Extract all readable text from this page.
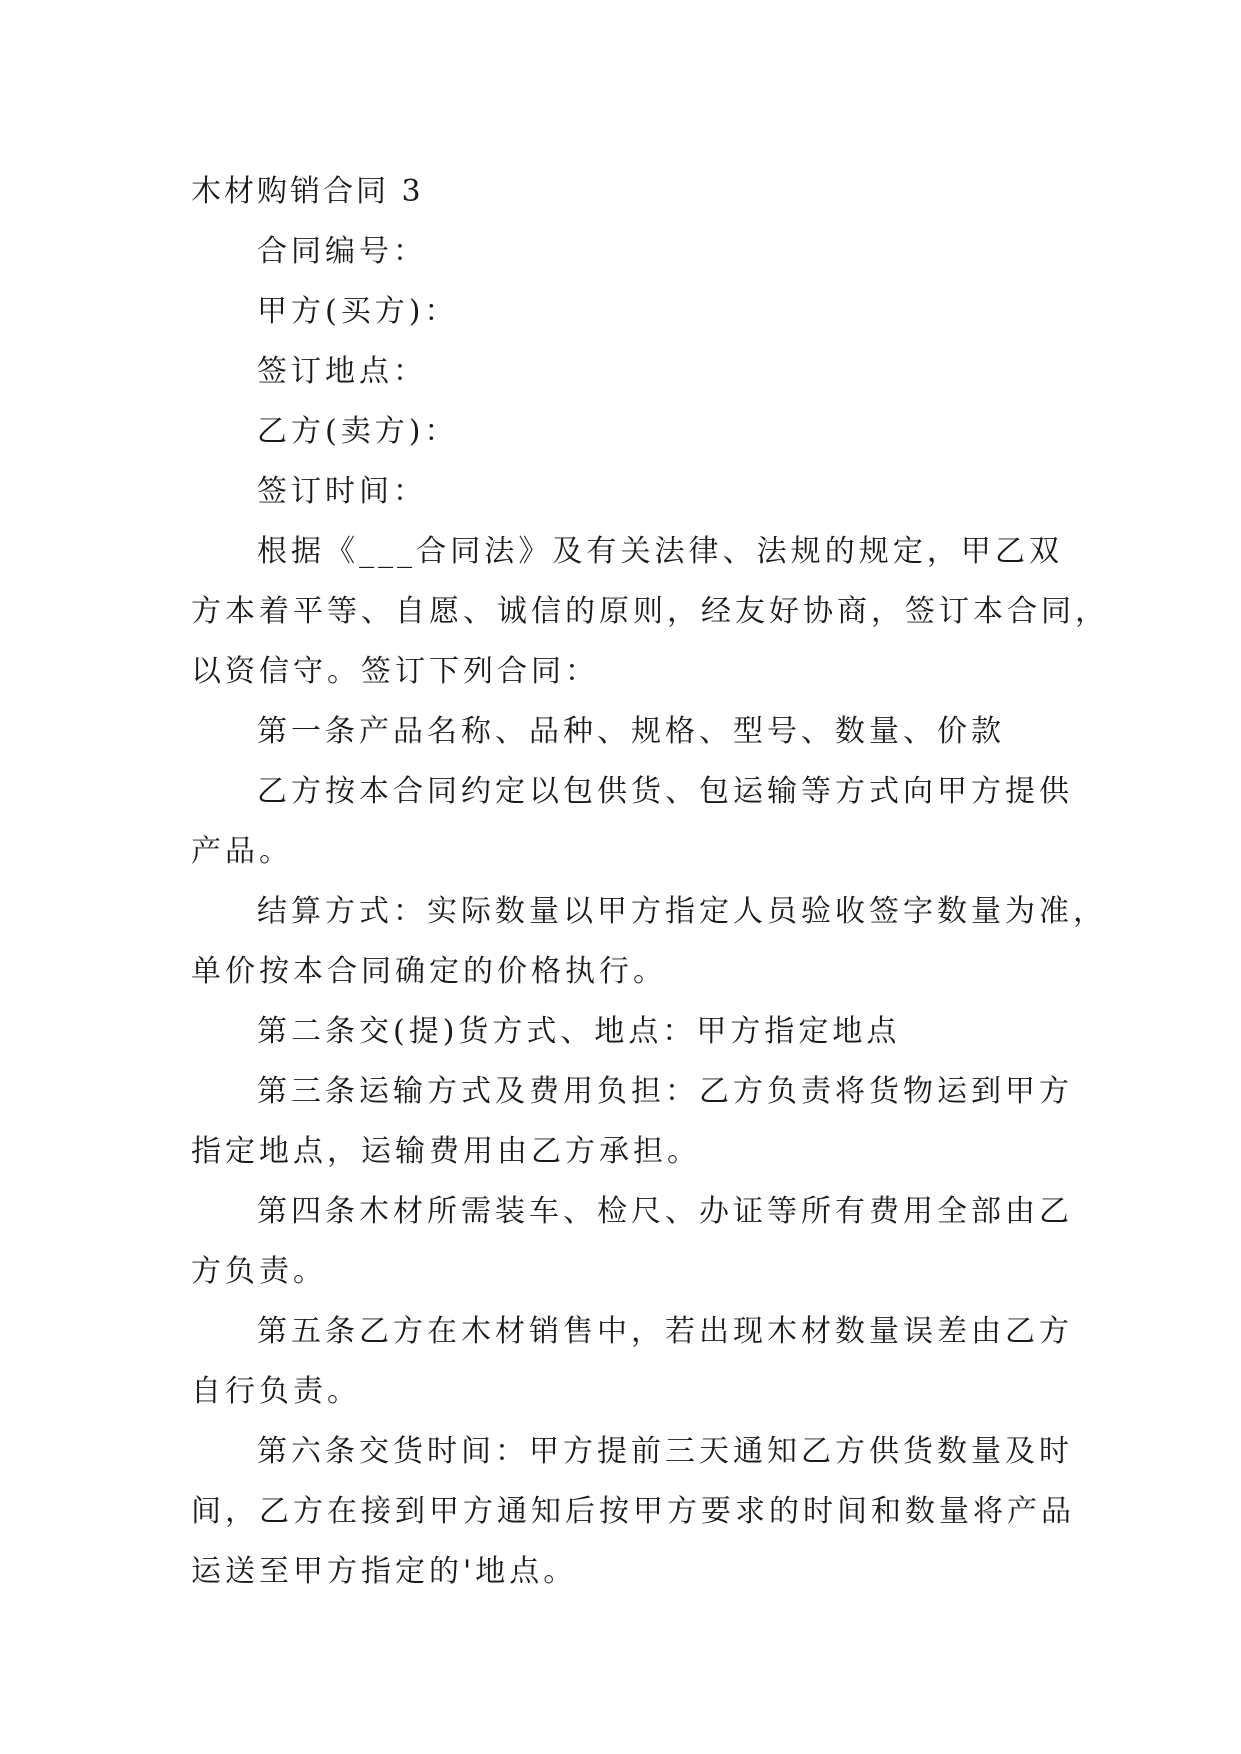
木材购销合同 3
合同编号：
甲方(买方)：
签订地点：
乙方(卖方)：
签订时间：
根据《___合同法》及有关法律、法规的规定，甲乙双
方本着平等、自愿、诚信的原则，经友好协商，签订本合同，
以资信守。签订下列合同：
第一条产品名称、品种、规格、型号、数量、价款
乙方按本合同约定以包供货、包运输等方式向甲方提供
产品。
结算方式：实际数量以甲方指定人员验收签字数量为准，
单价按本合同确定的价格执行。
第二条交(提)货方式、地点：甲方指定地点
第三条运输方式及费用负担：乙方负责将货物运到甲方
指定地点，运输费用由乙方承担。
第四条木材所需装车、检尺、办证等所有费用全部由乙
方负责。
第五条乙方在木材销售中，若出现木材数量误差由乙方
自行负责。
第六条交货时间：甲方提前三天通知乙方供货数量及时
间，乙方在接到甲方通知后按甲方要求的时间和数量将产品
运送至甲方指定的'地点。
